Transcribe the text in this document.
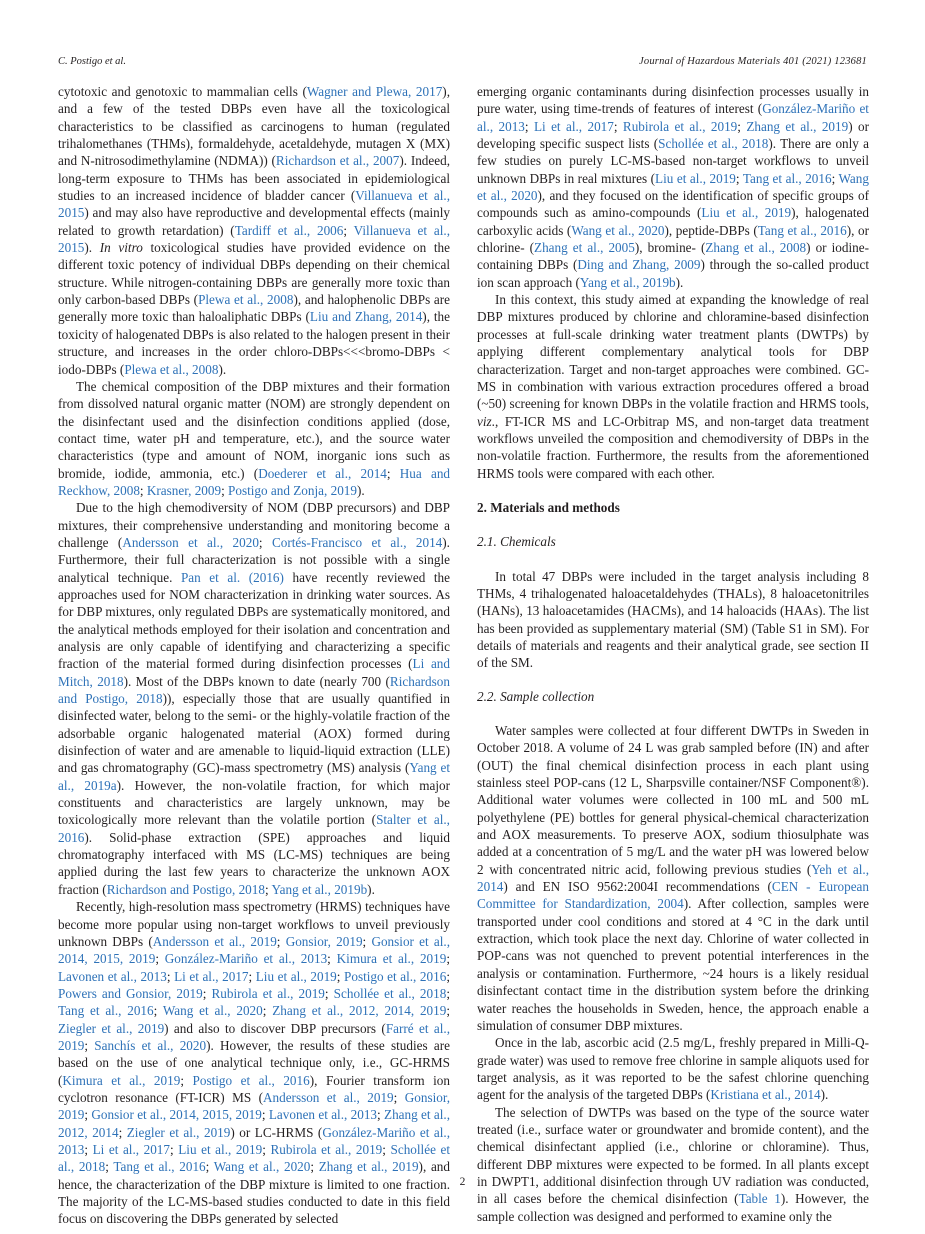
C. Postigo et al.	Journal of Hazardous Materials 401 (2021) 123681

cytotoxic and genotoxic to mammalian cells (Wagner and Plewa, 2017), and a few of the tested DBPs even have all the toxicological characteristics to be classified as carcinogens to human (regulated trihalomethanes (THMs), formaldehyde, acetaldehyde, mutagen X (MX) and N-nitrosodimethylamine (NDMA)) (Richardson et al., 2007). Indeed, long-term exposure to THMs has been associated in epidemiological studies to an increased incidence of bladder cancer (Villanueva et al., 2015) and may also have reproductive and developmental effects (mainly related to growth retardation) (Tardiff et al., 2006; Villanueva et al., 2015). In vitro toxicological studies have provided evidence on the different toxic potency of individual DBPs depending on their chemical structure. While nitrogen-containing DBPs are generally more toxic than only carbon-based DBPs (Plewa et al., 2008), and halophenolic DBPs are generally more toxic than haloaliphatic DBPs (Liu and Zhang, 2014), the toxicity of halogenated DBPs is also related to the halogen present in their structure, and increases in the order chloro-DBPs<<<bromo-DBPs < iodo-DBPs (Plewa et al., 2008).

The chemical composition of the DBP mixtures and their formation from dissolved natural organic matter (NOM) are strongly dependent on the disinfectant used and the disinfection conditions applied (dose, contact time, water pH and temperature, etc.), and the source water characteristics (type and amount of NOM, inorganic ions such as bromide, iodide, ammonia, etc.) (Doederer et al., 2014; Hua and Reckhow, 2008; Krasner, 2009; Postigo and Zonja, 2019).

Due to the high chemodiversity of NOM (DBP precursors) and DBP mixtures, their comprehensive understanding and monitoring become a challenge (Andersson et al., 2020; Cortés-Francisco et al., 2014). Furthermore, their full characterization is not possible with a single analytical technique. Pan et al. (2016) have recently reviewed the approaches used for NOM characterization in drinking water sources. As for DBP mixtures, only regulated DBPs are systematically monitored, and the analytical methods employed for their isolation and concentration and analysis are only capable of identifying and characterizing a specific fraction of the material formed during disinfection processes (Li and Mitch, 2018). Most of the DBPs known to date (nearly 700 (Richardson and Postigo, 2018)), especially those that are usually quantified in disinfected water, belong to the semi- or the highly-volatile fraction of the adsorbable organic halogenated material (AOX) formed during disinfection of water and are amenable to liquid-liquid extraction (LLE) and gas chromatography (GC)-mass spectrometry (MS) analysis (Yang et al., 2019a). However, the non-volatile fraction, for which major constituents and characteristics are largely unknown, may be toxicologically more relevant than the volatile portion (Stalter et al., 2016). Solid-phase extraction (SPE) approaches and liquid chromatography interfaced with MS (LC-MS) techniques are being applied during the last few years to characterize the unknown AOX fraction (Richardson and Postigo, 2018; Yang et al., 2019b).

Recently, high-resolution mass spectrometry (HRMS) techniques have become more popular using non-target workflows to unveil previously unknown DBPs (Andersson et al., 2019; Gonsior, 2019; Gonsior et al., 2014, 2015, 2019; González-Mariño et al., 2013; Kimura et al., 2019; Lavonen et al., 2013; Li et al., 2017; Liu et al., 2019; Postigo et al., 2016; Powers and Gonsior, 2019; Rubirola et al., 2019; Schollée et al., 2018; Tang et al., 2016; Wang et al., 2020; Zhang et al., 2012, 2014, 2019; Ziegler et al., 2019) and also to discover DBP precursors (Farré et al., 2019; Sanchís et al., 2020). However, the results of these studies are based on the use of one analytical technique only, i.e., GC-HRMS (Kimura et al., 2019; Postigo et al., 2016), Fourier transform ion cyclotron resonance (FT-ICR) MS (Andersson et al., 2019; Gonsior, 2019; Gonsior et al., 2014, 2015, 2019; Lavonen et al., 2013; Zhang et al., 2012, 2014; Ziegler et al., 2019) or LC-HRMS (González-Mariño et al., 2013; Li et al., 2017; Liu et al., 2019; Rubirola et al., 2019; Schollée et al., 2018; Tang et al., 2016; Wang et al., 2020; Zhang et al., 2019), and hence, the characterization of the DBP mixture is limited to one fraction. The majority of the LC-MS-based studies conducted to date in this field focus on discovering the DBPs generated by selected

emerging organic contaminants during disinfection processes usually in pure water, using time-trends of features of interest (González-Mariño et al., 2013; Li et al., 2017; Rubirola et al., 2019; Zhang et al., 2019) or developing specific suspect lists (Schollée et al., 2018). There are only a few studies on purely LC-MS-based non-target workflows to unveil unknown DBPs in real mixtures (Liu et al., 2019; Tang et al., 2016; Wang et al., 2020), and they focused on the identification of specific groups of compounds such as amino-compounds (Liu et al., 2019), halogenated carboxylic acids (Wang et al., 2020), peptide-DBPs (Tang et al., 2016), or chlorine- (Zhang et al., 2005), bromine- (Zhang et al., 2008) or iodine-containing DBPs (Ding and Zhang, 2009) through the so-called product ion scan approach (Yang et al., 2019b).

In this context, this study aimed at expanding the knowledge of real DBP mixtures produced by chlorine and chloramine-based disinfection processes at full-scale drinking water treatment plants (DWTPs) by applying different complementary analytical tools for DBP characterization. Target and non-target approaches were combined. GC-MS in combination with various extraction procedures offered a broad (~50) screening for known DBPs in the volatile fraction and HRMS tools, viz., FT-ICR MS and LC-Orbitrap MS, and non-target data treatment workflows unveiled the composition and chemodiversity of DBPs in the non-volatile fraction. Furthermore, the results from the aforementioned HRMS tools were compared with each other.

2. Materials and methods
2.1. Chemicals

In total 47 DBPs were included in the target analysis including 8 THMs, 4 trihalogenated haloacetaldehydes (THALs), 8 haloacetonitriles (HANs), 13 haloacetamides (HACMs), and 14 haloacids (HAAs). The list has been provided as supplementary material (SM) (Table S1 in SM). For details of materials and reagents and their analytical grade, see section II of the SM.

2.2. Sample collection

Water samples were collected at four different DWTPs in Sweden in October 2018. A volume of 24 L was grab sampled before (IN) and after (OUT) the final chemical disinfection process in each plant using stainless steel POP-cans (12 L, Sharpsville container/NSF Component®). Additional water volumes were collected in 100 mL and 500 mL polyethylene (PE) bottles for general physical-chemical characterization and AOX measurements. To preserve AOX, sodium thiosulphate was added at a concentration of 5 mg/L and the water pH was lowered below 2 with concentrated nitric acid, following previous studies (Yeh et al., 2014) and EN ISO 9562:2004I recommendations (CEN - European Committee for Standardization, 2004). After collection, samples were transported under cool conditions and stored at 4 °C in the dark until extraction, which took place the next day. Chlorine of water collected in POP-cans was not quenched to prevent potential interferences in the analysis or contamination. Furthermore, ~24 hours is a likely residual disinfectant contact time in the distribution system before the drinking water reaches the households in Sweden, hence, the approach enable a simulation of consumer DBP mixtures.

Once in the lab, ascorbic acid (2.5 mg/L, freshly prepared in Milli-Q-grade water) was used to remove free chlorine in sample aliquots used for target analysis, as it was reported to be the safest chlorine quenching agent for the analysis of the targeted DBPs (Kristiana et al., 2014).

The selection of DWTPs was based on the type of the source water treated (i.e., surface water or groundwater and bromide content), and the chemical disinfectant applied (i.e., chlorine or chloramine). Thus, different DBP mixtures were expected to be formed. In all plants except in DWPT1, additional disinfection through UV radiation was conducted, in all cases before the chemical disinfection (Table 1). However, the sample collection was designed and performed to examine only the

2
